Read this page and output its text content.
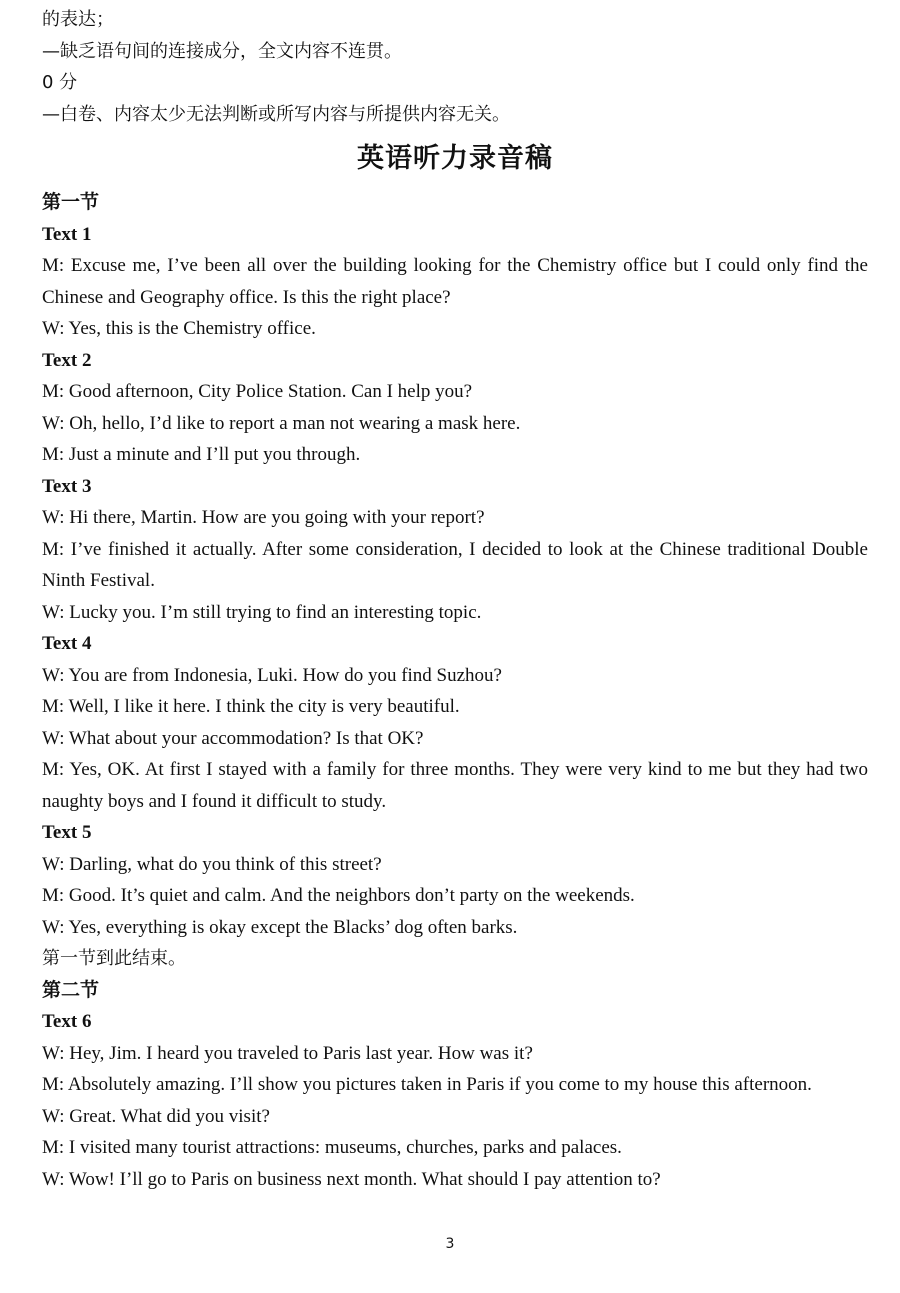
的表达；
—缺乏语句间的连接成分，全文内容不连贯。
0 分
—白卷、内容太少无法判断或所写内容与所提供内容无关。
英语听力录音稿
第一节
Text 1
M: Excuse me, I’ve been all over the building looking for the Chemistry office but I could only find the Chinese and Geography office. Is this the right place?
W: Yes, this is the Chemistry office.
Text 2
M: Good afternoon, City Police Station. Can I help you?
W: Oh, hello, I’d like to report a man not wearing a mask here.
M: Just a minute and I’ll put you through.
Text 3
W: Hi there, Martin. How are you going with your report?
M: I’ve finished it actually. After some consideration, I decided to look at the Chinese traditional Double Ninth Festival.
W: Lucky you. I’m still trying to find an interesting topic.
Text 4
W: You are from Indonesia, Luki. How do you find Suzhou?
M: Well, I like it here. I think the city is very beautiful.
W: What about your accommodation? Is that OK?
M: Yes, OK. At first I stayed with a family for three months. They were very kind to me but they had two naughty boys and I found it difficult to study.
Text 5
W: Darling, what do you think of this street?
M: Good. It’s quiet and calm. And the neighbors don’t party on the weekends.
W: Yes, everything is okay except the Blacks’ dog often barks.
第一节到此结束。
第二节
Text 6
W: Hey, Jim. I heard you traveled to Paris last year. How was it?
M: Absolutely amazing. I’ll show you pictures taken in Paris if you come to my house this afternoon.
W: Great. What did you visit?
M: I visited many tourist attractions: museums, churches, parks and palaces.
W: Wow! I’ll go to Paris on business next month. What should I pay attention to?
3
